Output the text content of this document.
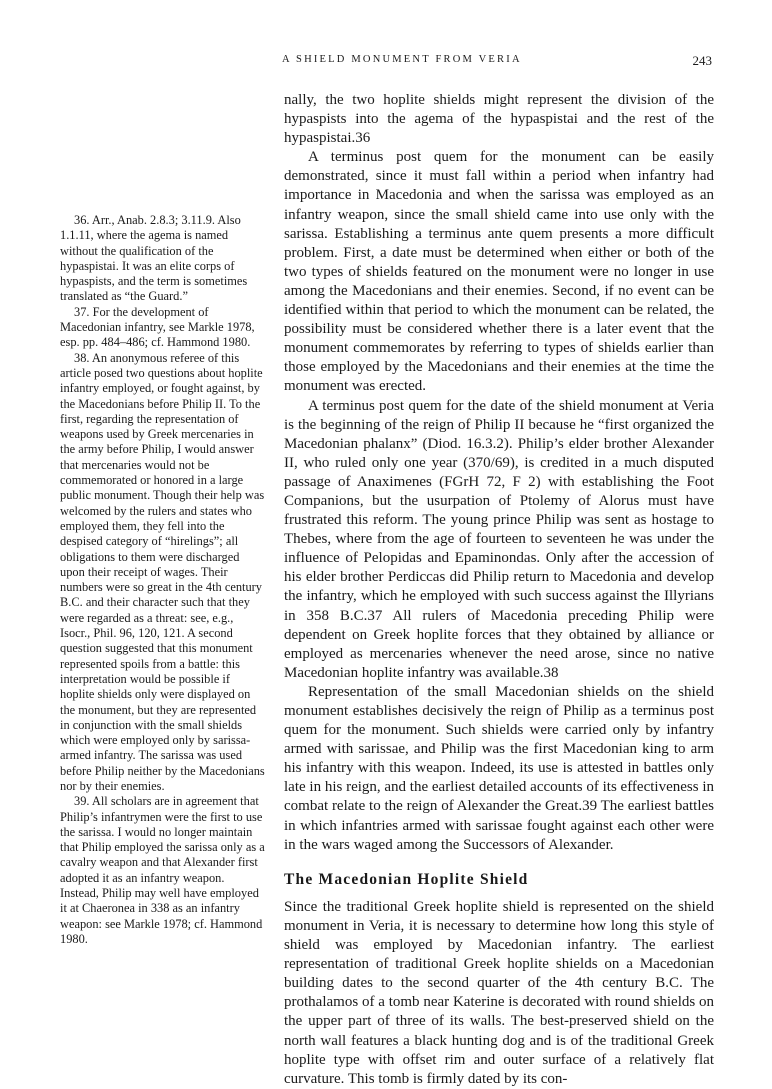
A SHIELD MONUMENT FROM VERIA	243

36. Arr., Anab. 2.8.3; 3.11.9. Also 1.1.11, where the agema is named without the qualification of the hypaspistai. It was an elite corps of hypaspists, and the term is sometimes translated as “the Guard.”

37. For the development of Macedonian infantry, see Markle 1978, esp. pp. 484–486; cf. Hammond 1980.

38. An anonymous referee of this article posed two questions about hoplite infantry employed, or fought against, by the Macedonians before Philip II. To the first, regarding the representation of weapons used by Greek mercenaries in the army before Philip, I would answer that mercenaries would not be commemorated or honored in a large public monument. Though their help was welcomed by the rulers and states who employed them, they fell into the despised category of “hirelings”; all obligations to them were discharged upon their receipt of wages. Their numbers were so great in the 4th century B.C. and their character such that they were regarded as a threat: see, e.g., Isocr., Phil. 96, 120, 121. A second question suggested that this monument represented spoils from a battle: this interpretation would be possible if hoplite shields only were displayed on the monument, but they are represented in conjunction with the small shields which were employed only by sarissa-armed infantry. The sarissa was used before Philip neither by the Macedonians nor by their enemies.

39. All scholars are in agreement that Philip’s infantrymen were the first to use the sarissa. I would no longer maintain that Philip employed the sarissa only as a cavalry weapon and that Alexander first adopted it as an infantry weapon. Instead, Philip may well have employed it at Chaeronea in 338 as an infantry weapon: see Markle 1978; cf. Hammond 1980.

nally, the two hoplite shields might represent the division of the hypaspists into the agema of the hypaspistai and the rest of the hypaspistai.36

A terminus post quem for the monument can be easily demonstrated, since it must fall within a period when infantry had importance in Macedonia and when the sarissa was employed as an infantry weapon, since the small shield came into use only with the sarissa. Establishing a terminus ante quem presents a more difficult problem. First, a date must be determined when either or both of the two types of shields featured on the monument were no longer in use among the Macedonians and their enemies. Second, if no event can be identified within that period to which the monument can be related, the possibility must be considered whether there is a later event that the monument commemorates by referring to types of shields earlier than those employed by the Macedonians and their enemies at the time the monument was erected.

A terminus post quem for the date of the shield monument at Veria is the beginning of the reign of Philip II because he “first organized the Macedonian phalanx” (Diod. 16.3.2). Philip’s elder brother Alexander II, who ruled only one year (370/69), is credited in a much disputed passage of Anaximenes (FGrH 72, F 2) with establishing the Foot Companions, but the usurpation of Ptolemy of Alorus must have frustrated this reform. The young prince Philip was sent as hostage to Thebes, where from the age of fourteen to seventeen he was under the influence of Pelopidas and Epaminondas. Only after the accession of his elder brother Perdiccas did Philip return to Macedonia and develop the infantry, which he employed with such success against the Illyrians in 358 B.C.37 All rulers of Macedonia preceding Philip were dependent on Greek hoplite forces that they obtained by alliance or employed as mercenaries whenever the need arose, since no native Macedonian hoplite infantry was available.38

Representation of the small Macedonian shields on the shield monument establishes decisively the reign of Philip as a terminus post quem for the monument. Such shields were carried only by infantry armed with sarissae, and Philip was the first Macedonian king to arm his infantry with this weapon. Indeed, its use is attested in battles only late in his reign, and the earliest detailed accounts of its effectiveness in combat relate to the reign of Alexander the Great.39 The earliest battles in which infantries armed with sarissae fought against each other were in the wars waged among the Successors of Alexander.

The Macedonian Hoplite Shield

Since the traditional Greek hoplite shield is represented on the shield monument in Veria, it is necessary to determine how long this style of shield was employed by Macedonian infantry. The earliest representation of traditional Greek hoplite shields on a Macedonian building dates to the second quarter of the 4th century B.C. The prothalamos of a tomb near Katerine is decorated with round shields on the upper part of three of its walls. The best-preserved shield on the north wall features a black hunting dog and is of the traditional Greek hoplite type with offset rim and outer surface of a relatively flat curvature. This tomb is firmly dated by its con-
